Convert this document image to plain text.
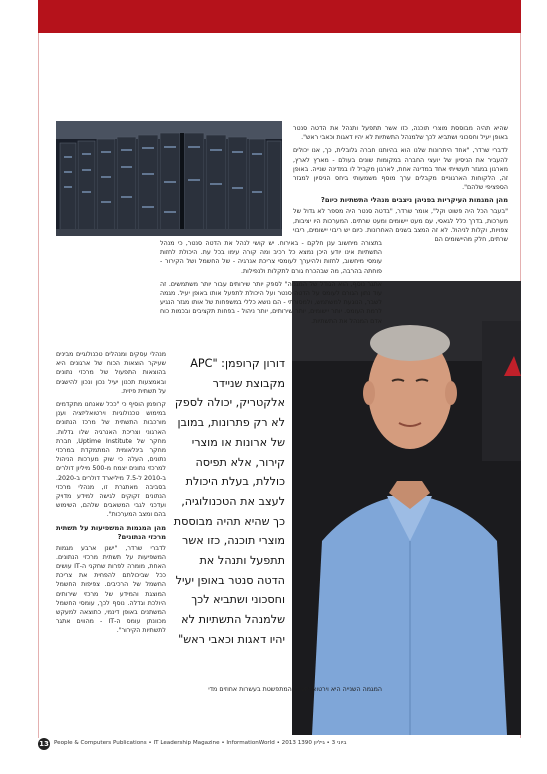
שהיא תהיה מבוססת מוצרי תוכנה, כזו אשר תתפעל ותנהל את הדטה סנטר באופן יעיל וחסכוני ושתביא לכך שלמנהל התשתיות לא יהיו דאגות וכאבי ראש".

לדברי שרדר, "אחד היתרונות שלנו הוא בהיותנו חברה גלובלית, כך, אנו יכולים להעביר את הניסיון של יועצי החברה במקומות שונים בעולם - מארץ לארץ, מארגון במגזר תעשייתי אחד במדינה אחת, לארגון מקביל לו במדינה שנייה. באופן זה, הלקוחות הארגוניים מקבלים ערך מוסף משמעותי ביחס הניסיון למגזר הספציפי שלהם".

מהן המגמות העיקריות בפניהן ניצבים מנהלי התשתיות כיום?

"בעבר הכל היה פשוט וקל", אומר שרדר, "בדטה סנטר היה מספר לא גדול של מערכות, בדרך כלל לגאסי, עם מעט יישומים ומעט שרתים. המערכות היו יציבות, צפויות, וקלות לניהול. לא זה המצב בשנים האחרונות. כיום יש ריבוי יישומים, ריבוי שרתים, חלק מהיישומים הם

בתצורה מיחשוב ענן חלקם - באירוח. יש קושי לנהל את הדטה סנטר, כי מנהל התשתיות אינו יודע היכן נמצא כל רכיב ומה קורה עימו בכל עת. היכולת לחזות עומסי מיחשוב, לחזות ולהיערך לעומסי צריכת אנרגיה - של החשמל ושל הקירור - פוחתה בהרבה, מה שבהכרח גורם לתקלות ולנפילות.

אתגר נוסף, הוא הגודל של המגמה" לספק יותר שירותים עבור יותר משתמשים. זה עוד נתון הגורם לעומס על הדטה סנטר ועל היכולת לתפעל אותו באופן יעיל. מגמה לשבר, הנוגעת למשתמש, ולמסורתי - הם נושא כללי במשפחות של אותו מגזר הנגיע לרמת העומס. יותר יישומים, יותר שירותים, יותר ניהול - בפחות תקציבים ובכמות כוח אדם המנהל את התשתיות.

דורון קרופמן: "APC מקבוצת שניידר אלקטריק, יכולה לספק לא רק פתרונות, במובן של ארונות או מוצרי קירור, אלא תפיסה כוללת, בעלת היכולת לעצב את הטכנולוגיה, כך שהיא תהיה מבוססת מוצרי תוכנה, כזו אשר תתפעל ותנהל את הדטה סנטר באופן יעיל וחסכוני ושתביא לכך שלמנהל התשתיות לא יהיו דאגות וכאבי ראש"

מנהלי עסקים ומנהלים טכנולוגיים מבינים שעיקר הוצאות הכוח של ארגונים היא בהוצאות התפעול של מרכזי נתונים ובאמצעות תכנון יעיל נכון ונכון להישגים על תשתית פיזית.

קרופמן הוסיף כי "ככל שאנחנו מתקדמים במימוש טכנולוגיות וירטואליזציה וענן מורכבות התשתית של מרכז הנתונים הארגוני וצריכת האנרגיה שלו גדלות. מחקר של Uptime Institute, חברת מחקר בינלאומית המתמקדת במרכזי נתונים, העלה כי שוק מערכות הניהול למרכזי נתונים יצמח מ-500 מיליון דולרים ב-2010 ל-7.5 מיליארד דולרים ב-2020. בסביבה מאתגרת זו, מנהלי מרכזי הנתונים זקוקים לגישה למידע מדויק ועדכני לגבי המשאבים שלהם, השימוש בהם ומצב המערכות".

מהן המגמות המשפיעות על תשתית מרכזי הנתונים?

לדברי שרדר, "ישנן ארבע מגמות המשפיעות על תשתית מרכזי הנתונים. האחת, מומרה לפרות שחקני ה-IT עושים ככל שביכולתם להפחית את צריכת החשמל של הרכיבים. צפיפות החשמל המוצגת והמידע של מרכזי שירותים היולכת וגדלה. נוסף לכך, עומסי החשמל המשתנים באופן דינמי, כתוצאה למעקש מכוונתן עומס ה-IT - מהווים אתגר לתשתיות הקירור".

המגמה השנייה היא וירטואליזציה, המתפשטת בעשרות אחוזים מדי

13 People & Computers Publications • IT Leadership Magazine • InformationWorld • 2013 ביוני 3 • גיליון 1390
